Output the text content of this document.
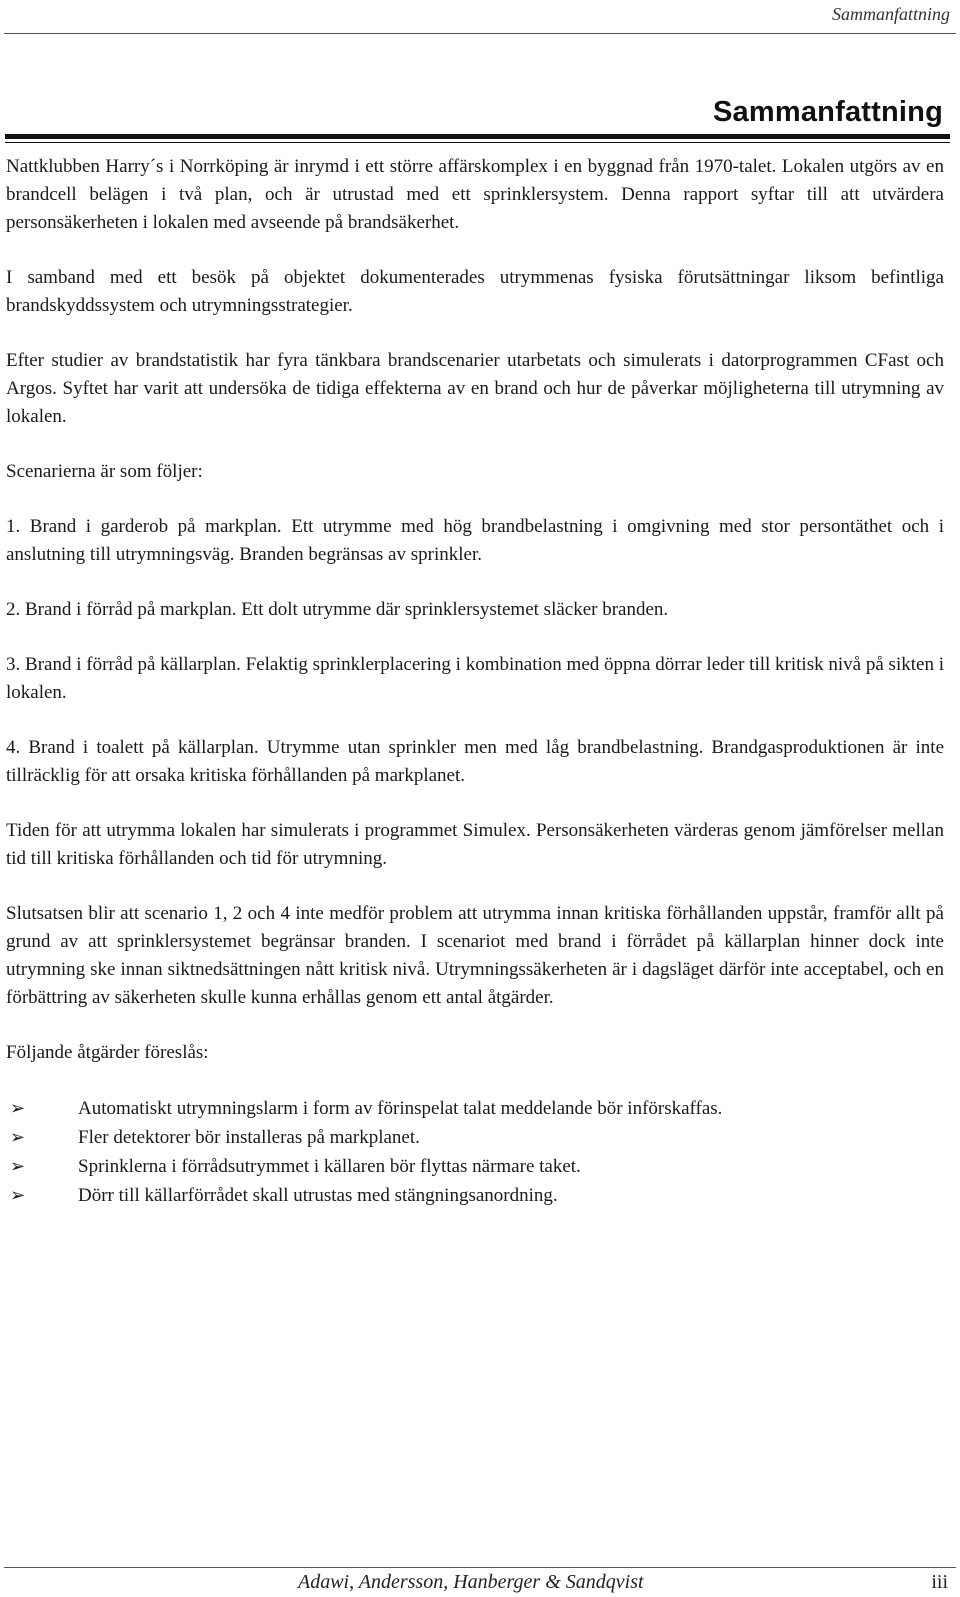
Sammanfattning
Sammanfattning

Nattklubben Harry´s i Norrköping är inrymd i ett större affärskomplex i en byggnad från 1970-talet. Lokalen utgörs av en brandcell belägen i två plan, och är utrustad med ett sprinklersystem. Denna rapport syftar till att utvärdera personsäkerheten i lokalen med avseende på brandsäkerhet.

I samband med ett besök på objektet dokumenterades utrymmenas fysiska förutsättningar liksom befintliga brandskyddssystem och utrymningsstrategier.

Efter studier av brandstatistik har fyra tänkbara brandscenarier utarbetats och simulerats i datorprogrammen CFast och Argos. Syftet har varit att undersöka de tidiga effekterna av en brand och hur de påverkar möjligheterna till utrymning av lokalen.

Scenarierna är som följer:

1. Brand i garderob på markplan. Ett utrymme med hög brandbelastning i omgivning med stor persontäthet och i anslutning till utrymningsväg. Branden begränsas av sprinkler.

2. Brand i förråd på markplan. Ett dolt utrymme där sprinklersystemet släcker branden.

3. Brand i förråd på källarplan. Felaktig sprinklerplacering i kombination med öppna dörrar leder till kritisk nivå på sikten i lokalen.

4. Brand i toalett på källarplan. Utrymme utan sprinkler men med låg brandbelastning. Brandgasproduktionen är inte tillräcklig för att orsaka kritiska förhållanden på markplanet.

Tiden för att utrymma lokalen har simulerats i programmet Simulex. Personsäkerheten värderas genom jämförelser mellan tid till kritiska förhållanden och tid för utrymning.

Slutsatsen blir att scenario 1, 2 och 4 inte medför problem att utrymma innan kritiska förhållanden uppstår, framför allt på grund av att sprinklersystemet begränsar branden. I scenariot med brand i förrådet på källarplan hinner dock inte utrymning ske innan siktnedsättningen nått kritisk nivå. Utrymningssäkerheten är i dagsläget därför inte acceptabel, och en förbättring av säkerheten skulle kunna erhållas genom ett antal åtgärder.

Följande åtgärder föreslås:

➢	Automatiskt utrymningslarm i form av förinspelat talat meddelande bör införskaffas.
➢	Fler detektorer bör installeras på markplanet.
➢	Sprinklerna i förrådsutrymmet i källaren bör flyttas närmare taket.
➢	Dörr till källarförrådet skall utrustas med stängningsanordning.
Adawi, Andersson, Hanberger & Sandqvist	iii
